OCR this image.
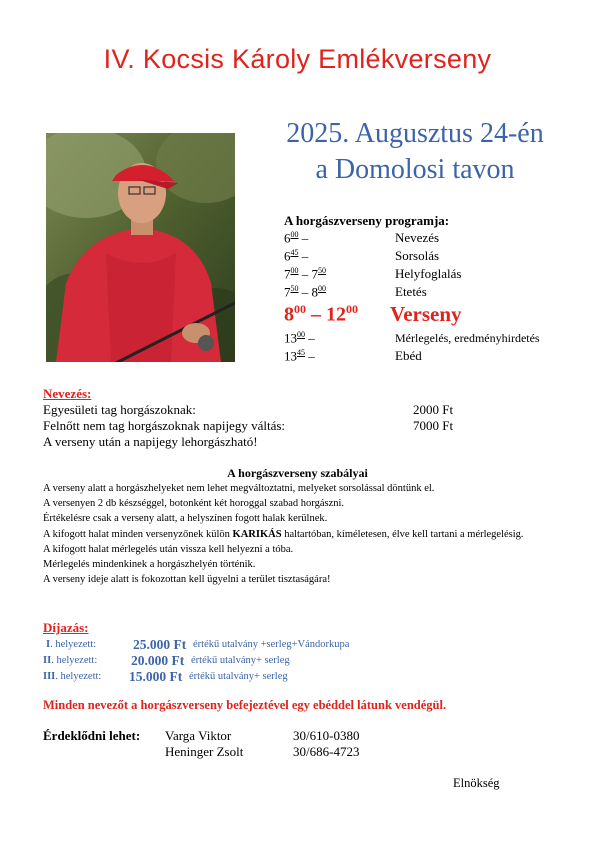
IV. Kocsis Károly Emlékverseny
2025. Augusztus 24-én
a Domolosi tavon
A horgászverseny programja:
$6^{00}$ –	Nevezés
$6^{45}$ –	Sorsolás
$7^{00} - 7^{50}$	Helyfoglalás
$7^{50} - 8^{00}$	Etetés
$8^{00} - 12^{00}$ Verseny
$13^{00}$ –	Mérlegelés, eredményhirdetés
$13^{45}$ –	Ebéd
Nevezés:
Egyesületi tag horgászoknak:	2000 Ft
Felnőtt nem tag horgászoknak napijegy váltás:	7000 Ft
A verseny után a napijegy lehorgászható!
A horgászverseny szabályai

A verseny alatt a horgászhelyeket nem lehet megváltoztatni, melyeket sorsolással döntünk el.

A versenyen 2 db készséggel, botonként két horoggal szabad horgászni.

Értékelésre csak a verseny alatt, a helyszínen fogott halak kerülnek.

A kifogott halat minden versenyzőnek külön KARIKÁS haltartóban, kíméletesen, élve kell tartani a mérlegelésig.

A kifogott halat mérlegelés után vissza kell helyezni a tóba.

Mérlegelés mindenkinek a horgászhelyén történik.

A verseny ideje alatt is fokozottan kell ügyelni a terület tisztaságára!

Díjazás:
I. helyezett:	25.000 Ft értékű utalvány +serleg+Vándorkupa
II. helyezett:	20.000 Ft értékű utalvány+ serleg
III. helyezett: 15.000 Ft értékű utalvány+ serleg
Minden nevezőt a horgászverseny befejeztével egy ebéddel látunk vendégül.
Érdeklődni lehet: Varga Viktor	30/610-0380
Heninger Zsolt	30/686-4723
Elnökség
